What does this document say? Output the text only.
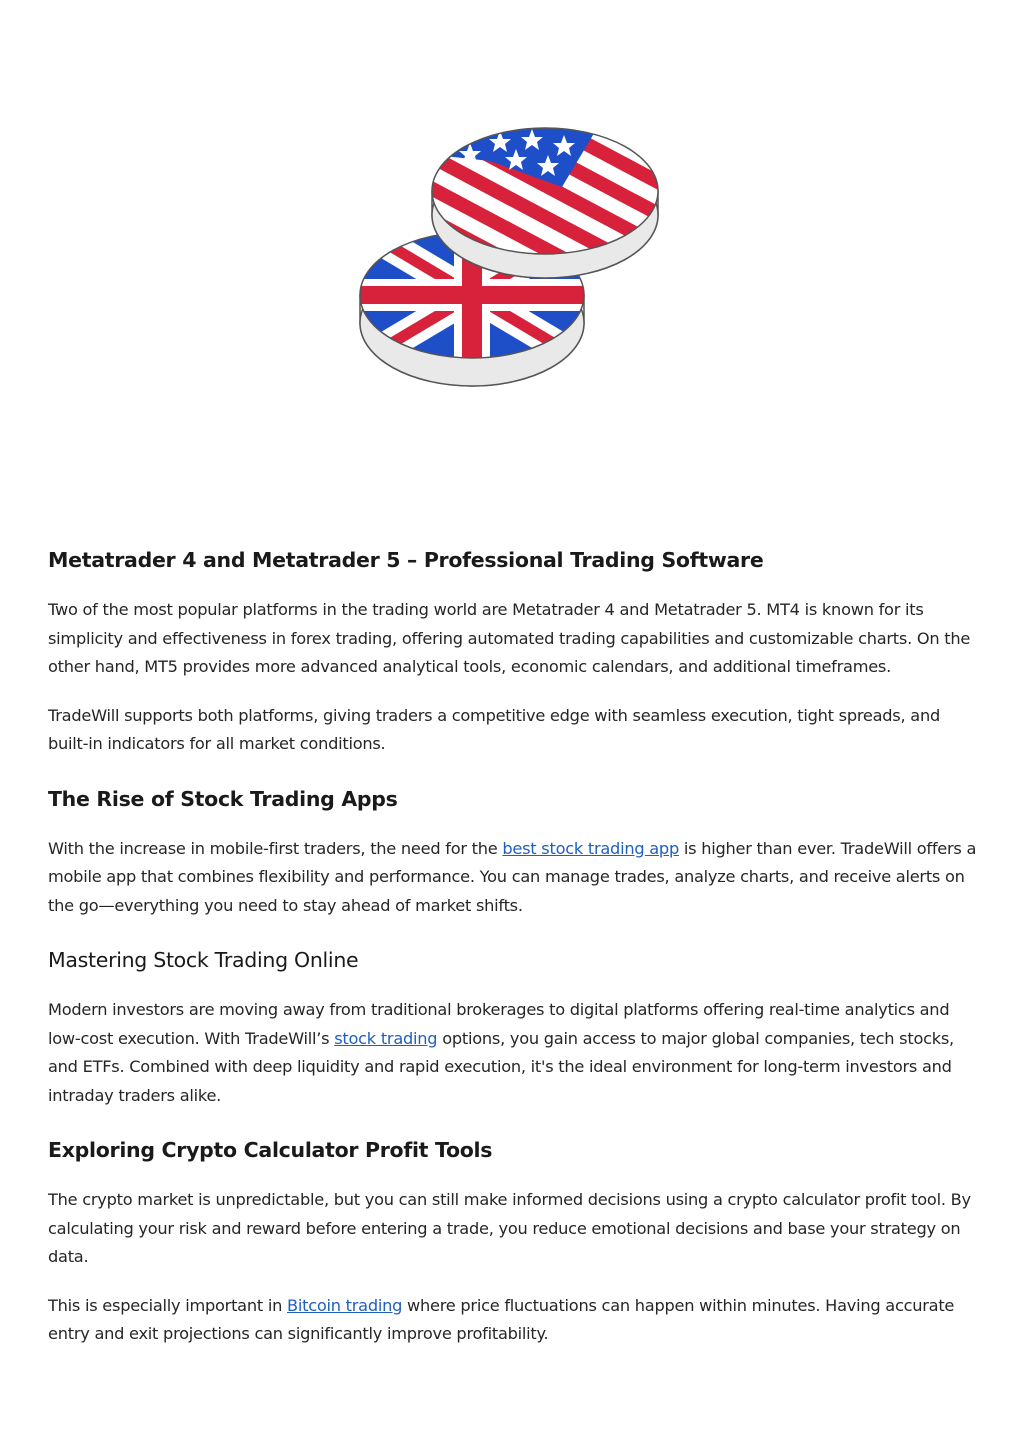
Metatrader 4 and Metatrader 5 – Professional Trading Software

Two of the most popular platforms in the trading world are Metatrader 4 and Metatrader 5. MT4 is known for its simplicity and effectiveness in forex trading, offering automated trading capabilities and customizable charts. On the other hand, MT5 provides more advanced analytical tools, economic calendars, and additional timeframes.

TradeWill supports both platforms, giving traders a competitive edge with seamless execution, tight spreads, and built-in indicators for all market conditions.

The Rise of Stock Trading Apps

With the increase in mobile-first traders, the need for the best stock trading app is higher than ever. TradeWill offers a mobile app that combines flexibility and performance. You can manage trades, analyze charts, and receive alerts on the go—everything you need to stay ahead of market shifts.

Mastering Stock Trading Online

Modern investors are moving away from traditional brokerages to digital platforms offering real-time analytics and low-cost execution. With TradeWill’s stock trading options, you gain access to major global companies, tech stocks, and ETFs. Combined with deep liquidity and rapid execution, it's the ideal environment for long-term investors and intraday traders alike.

Exploring Crypto Calculator Profit Tools

The crypto market is unpredictable, but you can still make informed decisions using a crypto calculator profit tool. By calculating your risk and reward before entering a trade, you reduce emotional decisions and base your strategy on data.

This is especially important in Bitcoin trading where price fluctuations can happen within minutes. Having accurate entry and exit projections can significantly improve profitability.
